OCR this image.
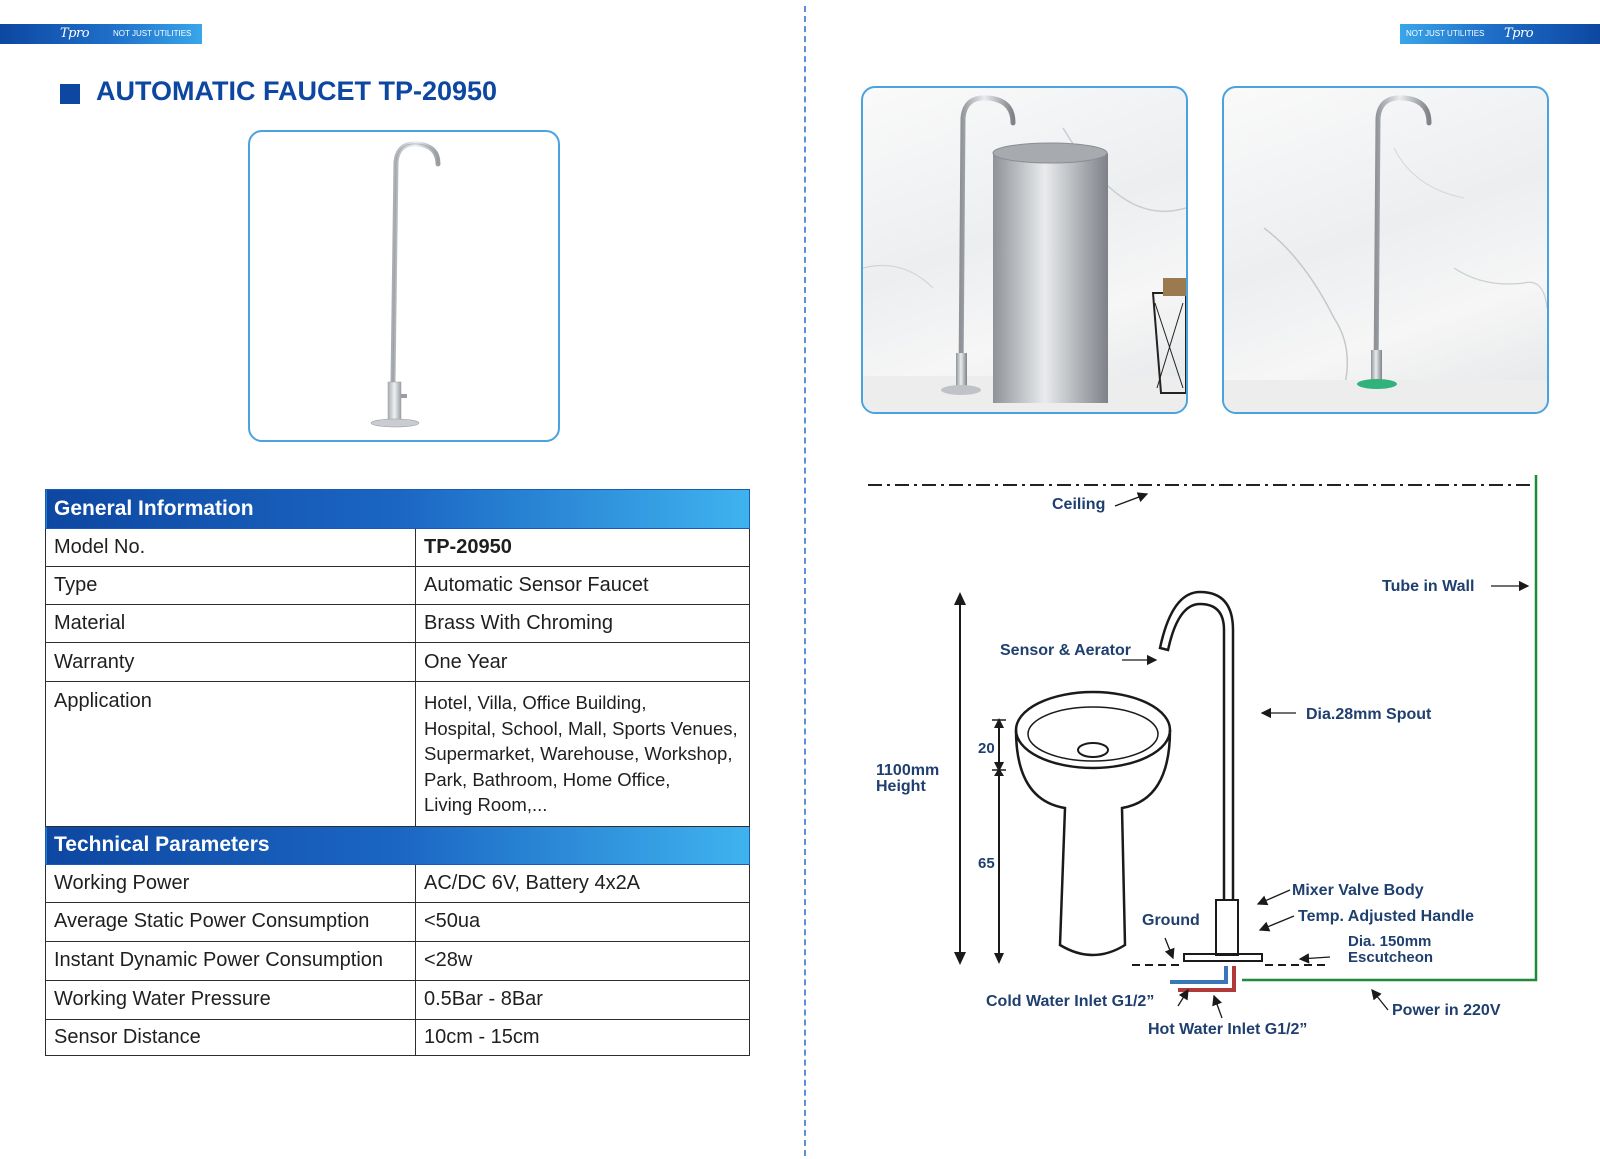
Tpro	NOT JUST UTILITIES	NOT JUST UTILITIES Tpro
AUTOMATIC FAUCET TP-20950
General Information	
Model No.	TP-20950
Type	Automatic Sensor Faucet
Material	Brass With Chroming
Warranty	One Year
Application	Hotel, Villa, Office Building,
Hospital, School, Mall, Sports Venues,
Supermarket, Warehouse, Workshop,
Park, Bathroom, Home Office,
Living Room,...

Technical Parameters	
Working Power	AC/DC 6V, Battery 4x2A
Average Static Power Consumption	<50ua
Instant Dynamic Power Consumption	<28w
Working Water Pressure	0.5Bar - 8Bar
Sensor Distance	10cm - 15cm
Ceiling
Tube in Wall
1100mm
Height
20
65
Sensor & Aerator
Dia.28mm Spout
Mixer Valve Body
Temp. Adjusted Handle
Ground
Dia. 150mm
Escutcheon
Cold Water Inlet G1/2”
Hot Water Inlet G1/2”
Power in 220V
